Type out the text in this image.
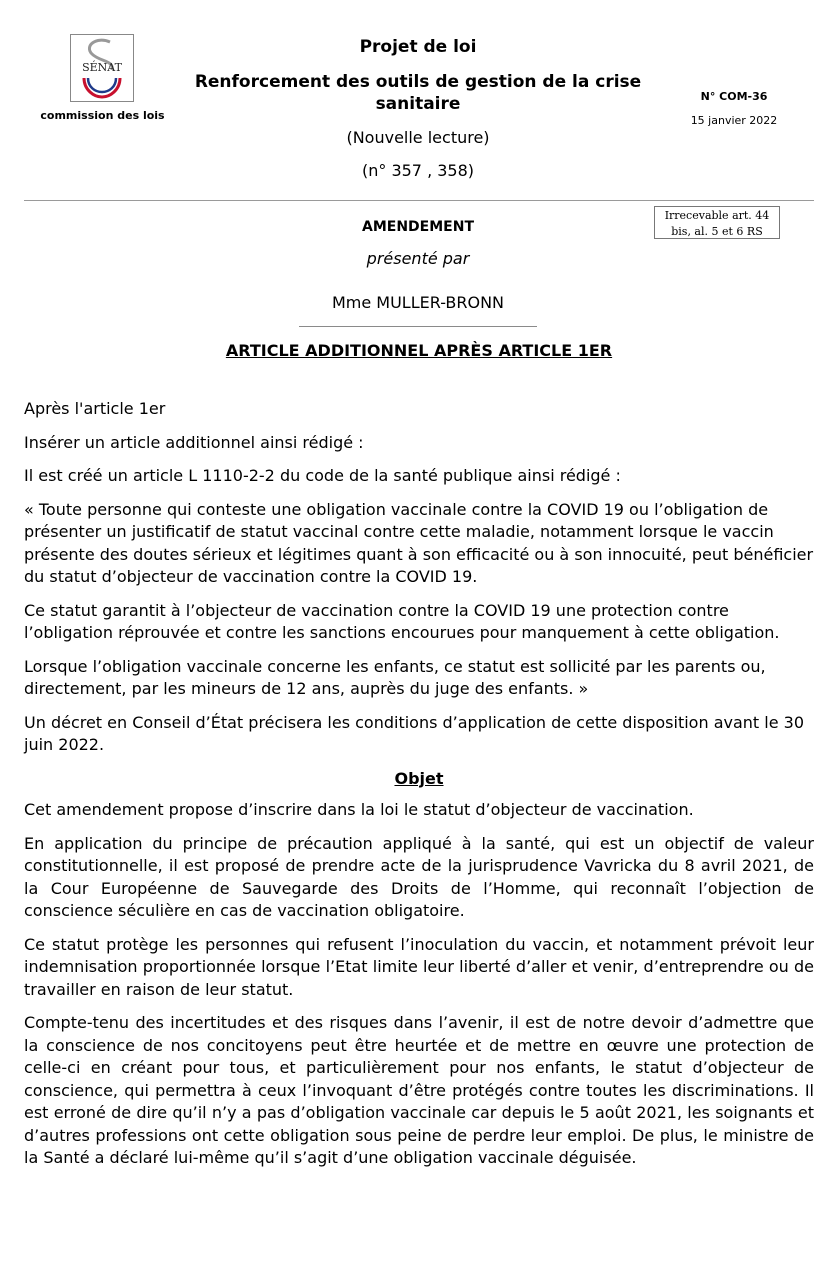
SÉNAT
commission des lois
Projet de loi
Renforcement des outils de gestion de la crise sanitaire
(Nouvelle lecture)
(n° 357 , 358)
N° COM-36
15 janvier 2022
Irrecevable art. 44 bis, al. 5 et 6 RS
AMENDEMENT
présenté par
Mme MULLER-BRONN
ARTICLE ADDITIONNEL APRÈS ARTICLE 1ER

Après l'article 1er

Insérer un article additionnel ainsi rédigé :

Il est créé un article L 1110-2-2 du code de la santé publique ainsi rédigé :

« Toute personne qui conteste une obligation vaccinale contre la COVID 19 ou l’obligation de présenter un justificatif de statut vaccinal contre cette maladie, notamment lorsque le vaccin présente des doutes sérieux et légitimes quant à son efficacité ou à son innocuité, peut bénéficier du statut d’objecteur de vaccination contre la COVID 19.

Ce statut garantit à l’objecteur de vaccination contre la COVID 19 une protection contre l’obligation réprouvée et contre les sanctions encourues pour manquement à cette obligation.

Lorsque l’obligation vaccinale concerne les enfants, ce statut est sollicité par les parents ou, directement, par les mineurs de 12 ans, auprès du juge des enfants. »

Un décret en Conseil d’État précisera les conditions d’application de cette disposition avant le 30 juin 2022.

Objet

Cet amendement propose d’inscrire dans la loi le statut d’objecteur de vaccination.

En application du principe de précaution appliqué à la santé, qui est un objectif de valeur constitutionnelle, il est proposé de prendre acte de la jurisprudence Vavricka du 8 avril 2021, de la Cour Européenne de Sauvegarde des Droits de l’Homme, qui reconnaît l’objection de conscience séculière en cas de vaccination obligatoire.

Ce statut protège les personnes qui refusent l’inoculation du vaccin, et notamment prévoit leur indemnisation proportionnée lorsque l’Etat limite leur liberté d’aller et venir, d’entreprendre ou de travailler en raison de leur statut.

Compte-tenu des incertitudes et des risques dans l’avenir, il est de notre devoir d’admettre que la conscience de nos concitoyens peut être heurtée et de mettre en œuvre une protection de celle-ci en créant pour tous, et particulièrement pour nos enfants, le statut d’objecteur de conscience, qui permettra à ceux l’invoquant d’être protégés contre toutes les discriminations. Il est erroné de dire qu’il n’y a pas d’obligation vaccinale car depuis le 5 août 2021, les soignants et d’autres professions ont cette obligation sous peine de perdre leur emploi. De plus, le ministre de la Santé a déclaré lui-même qu’il s’agit d’une obligation vaccinale déguisée.
